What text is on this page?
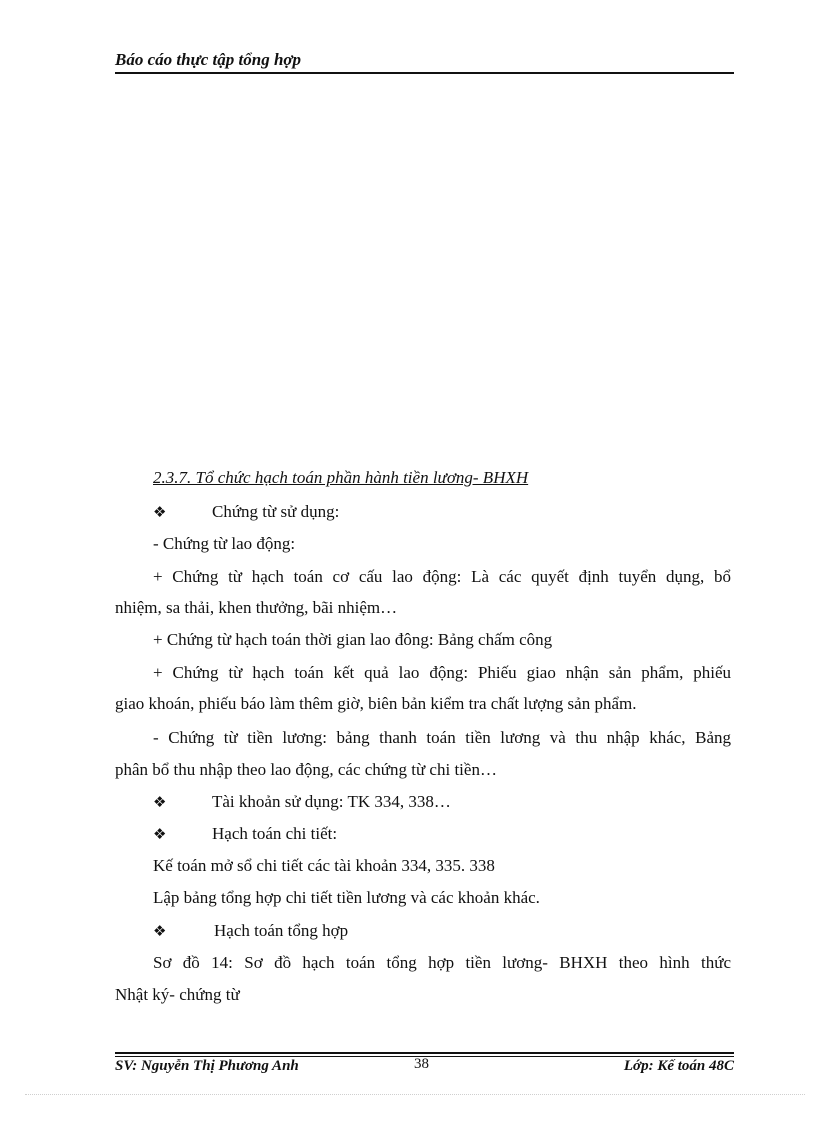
Báo cáo thực tập tổng hợp
2.3.7. Tổ chức hạch toán phần hành tiền lương- BHXH
❖	Chứng từ sử dụng:
- Chứng từ lao động:
+ Chứng từ hạch toán cơ cấu lao động: Là các quyết định tuyển dụng, bổ
nhiệm, sa thải, khen thưởng, bãi nhiệm…
+ Chứng từ hạch toán thời gian lao đông: Bảng chấm công
+ Chứng từ hạch toán kết quả lao động: Phiếu giao nhận sản phẩm, phiếu
giao khoán, phiếu báo làm thêm giờ, biên bản kiểm tra chất lượng sản phẩm.
- Chứng từ tiền lương: bảng thanh toán tiền lương và thu nhập khác, Bảng
phân bổ thu nhập theo lao động, các chứng từ chi tiền…
❖	Tài khoản sử dụng: TK 334, 338…
❖	Hạch toán chi tiết:
Kế toán mở sổ chi tiết các tài khoản 334, 335. 338
Lập bảng tổng hợp chi tiết tiền lương và các khoản khác.
❖	Hạch toán tổng hợp
Sơ đồ 14: Sơ đồ hạch toán tổng hợp tiền lương- BHXH theo hình thức
Nhật ký- chứng từ
SV: Nguyễn Thị Phương Anh	38	Lớp: Kế toán 48C
